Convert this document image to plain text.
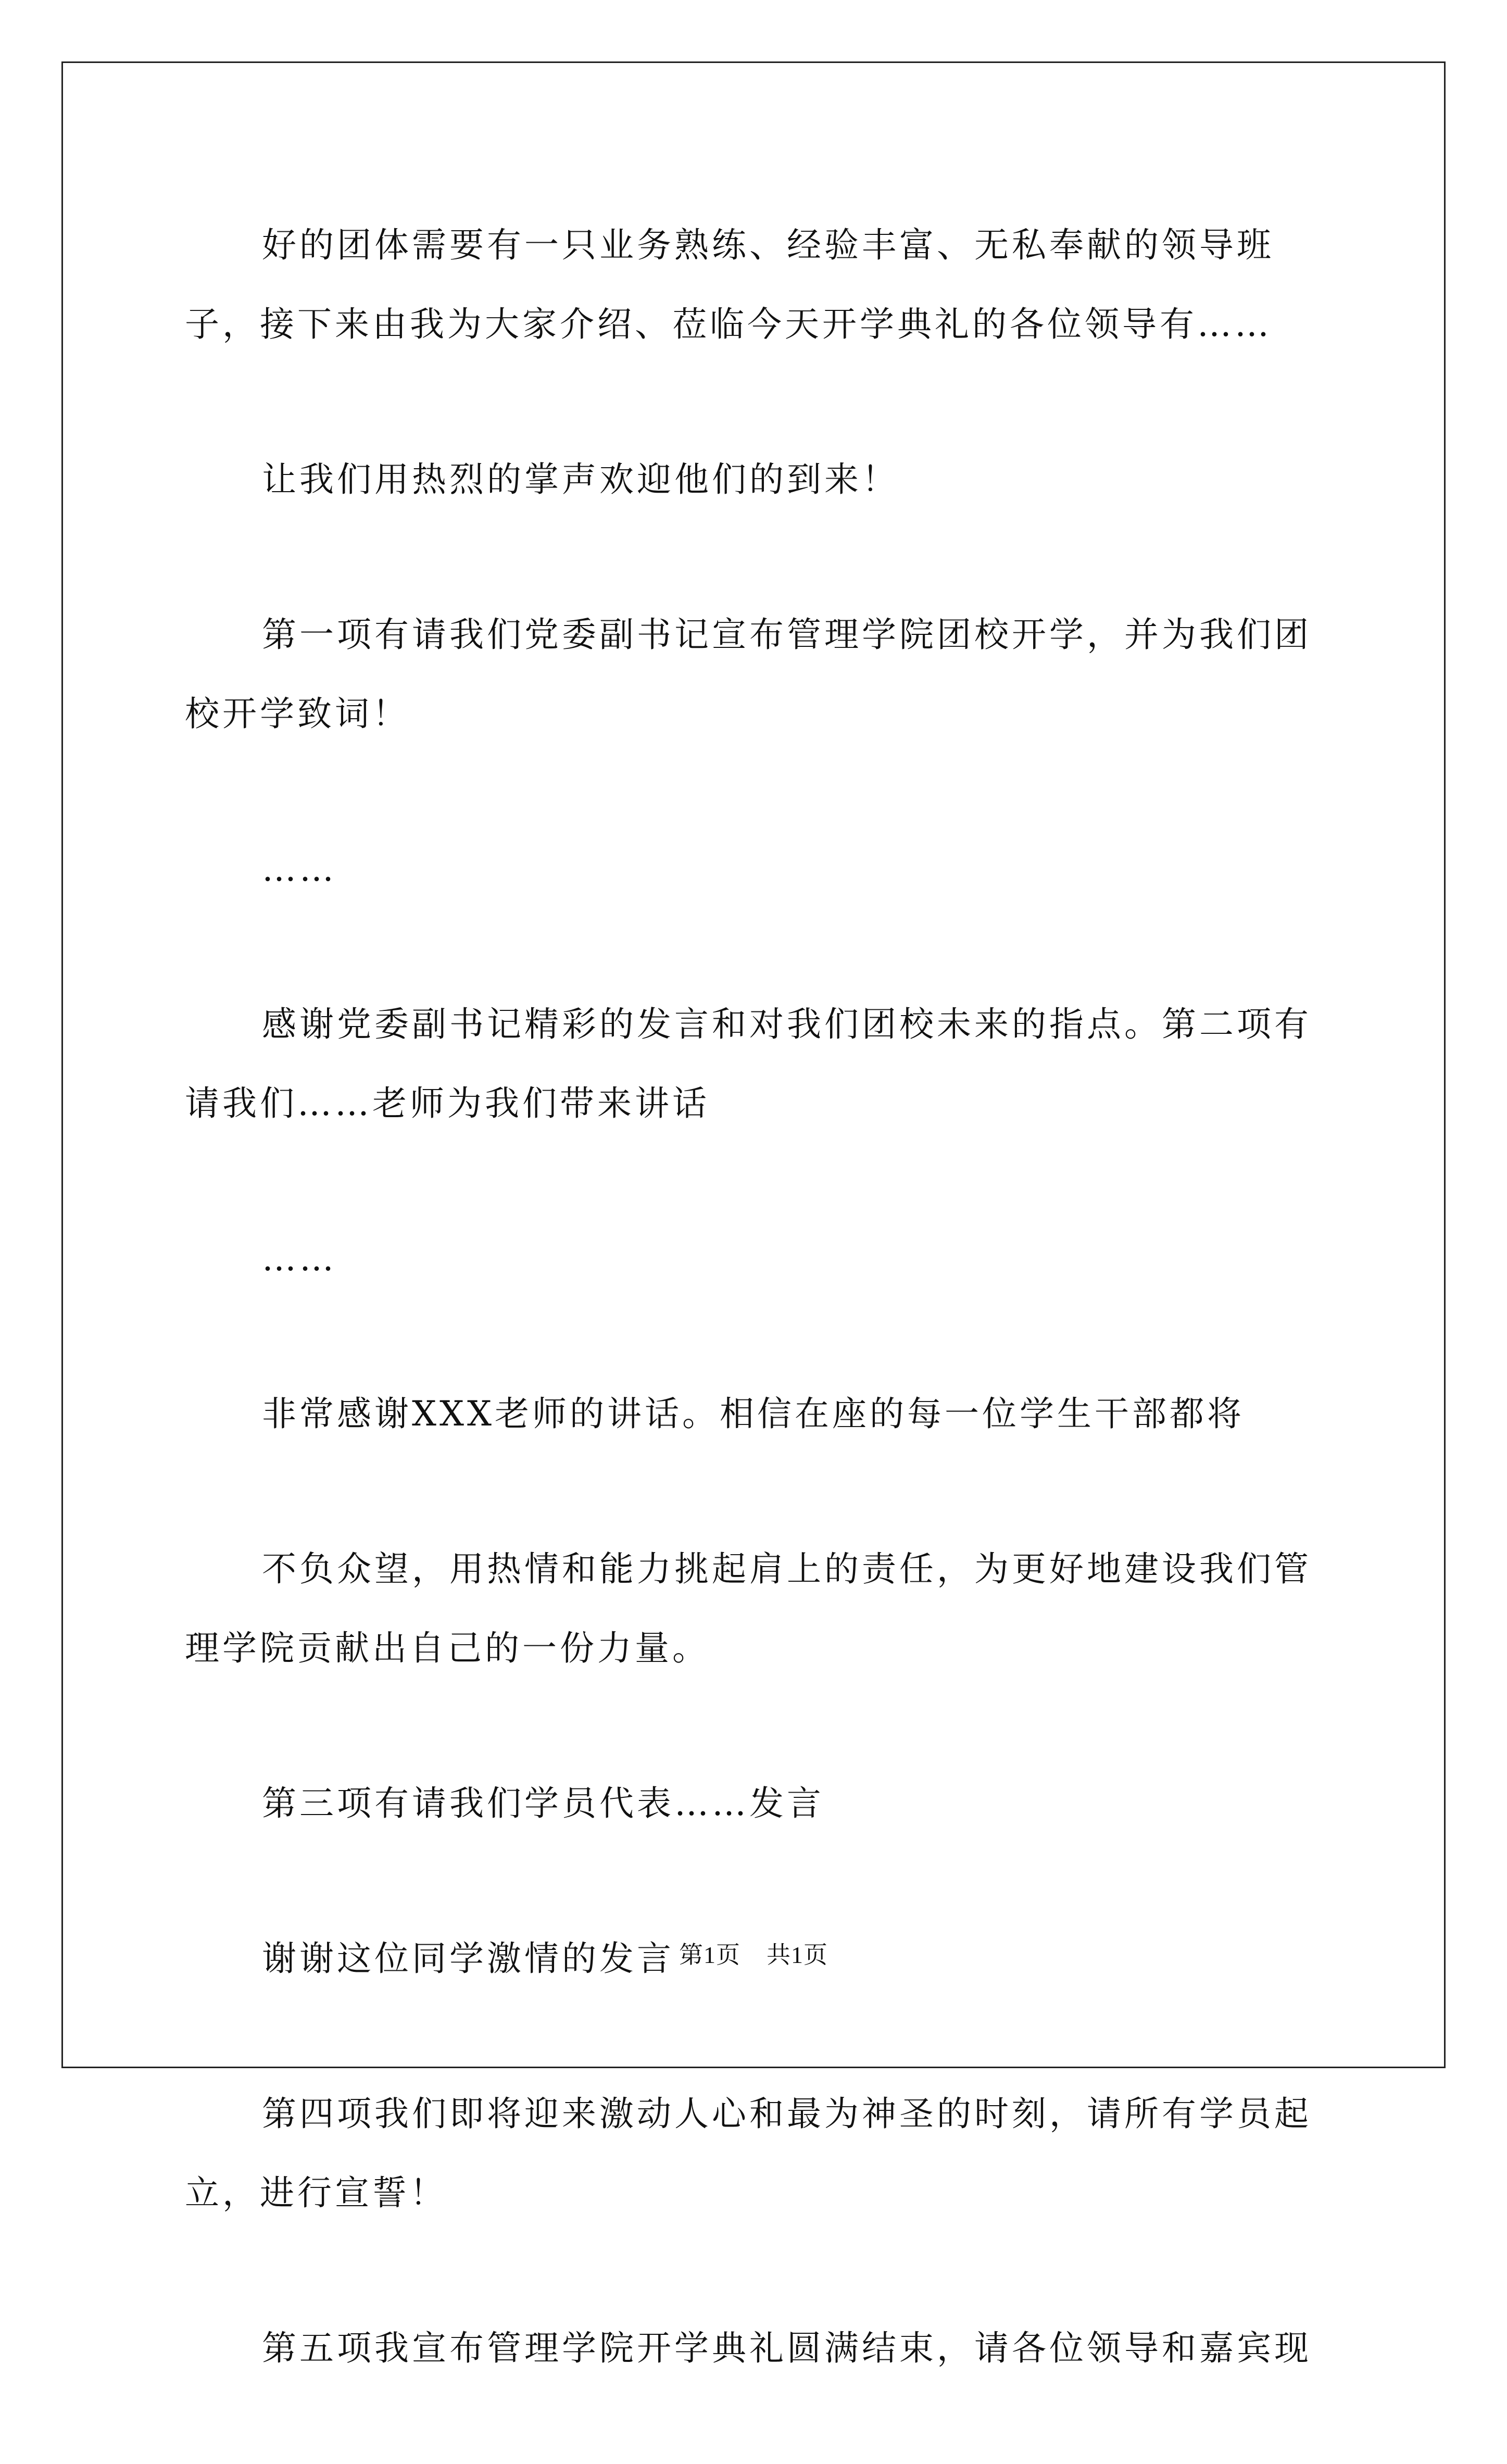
好的团体需要有一只业务熟练、经验丰富、无私奉献的领导班子，接下来由我为大家介绍、莅临今天开学典礼的各位领导有……

让我们用热烈的掌声欢迎他们的到来！

第一项有请我们党委副书记宣布管理学院团校开学，并为我们团校开学致词！

……

感谢党委副书记精彩的发言和对我们团校未来的指点。第二项有请我们……老师为我们带来讲话

……

非常感谢XXX老师的讲话。相信在座的每一位学生干部都将

不负众望，用热情和能力挑起肩上的责任，为更好地建设我们管理学院贡献出自己的一份力量。

第三项有请我们学员代表……发言

谢谢这位同学激情的发言

第四项我们即将迎来激动人心和最为神圣的时刻，请所有学员起立，进行宣誓！

第五项我宣布管理学院开学典礼圆满结束，请各位领导和嘉宾现

第1页 共1页
